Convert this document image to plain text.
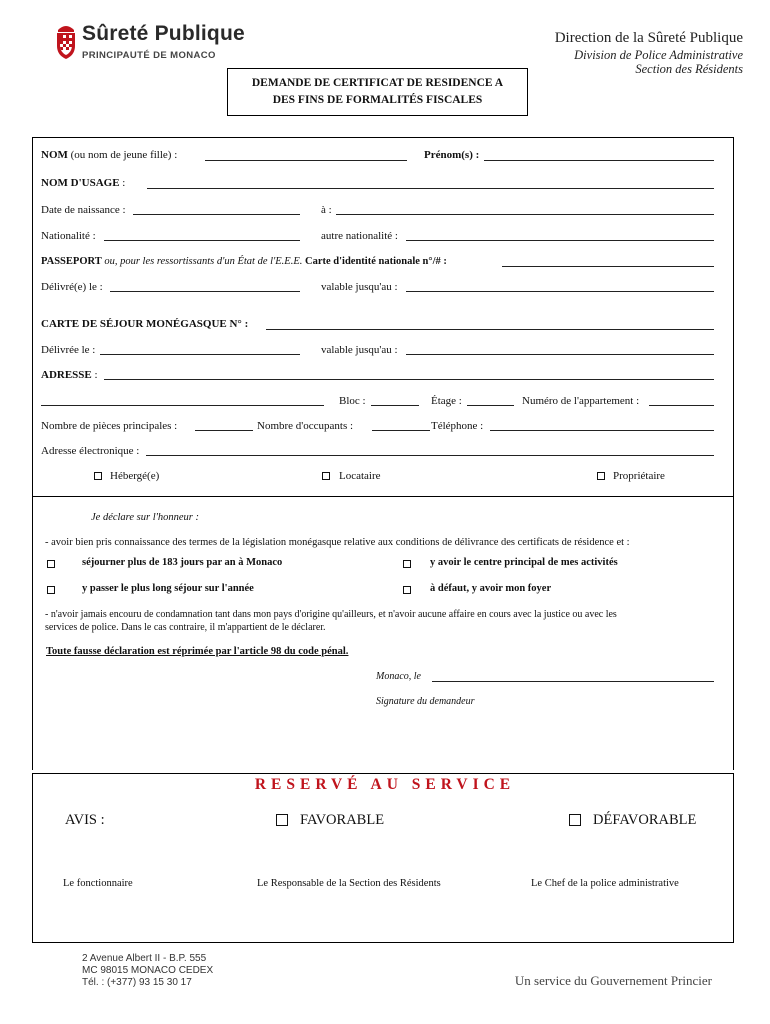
Sûreté Publique
PRINCIPAUTÉ DE MONACO
Direction de la Sûreté Publique
Division de Police Administrative
Section des Résidents
DEMANDE DE CERTIFICAT DE RESIDENCE A
DES FINS DE FORMALITÉS FISCALES
NOM (ou nom de jeune fille) :	Prénom(s) :
NOM D'USAGE :
Date de naissance :	à :
Nationalité :	autre nationalité :
PASSEPORT ou, pour les ressortissants d'un État de l'E.E.E. Carte d'identité nationale n°/# :
Délivré(e) le :	valable jusqu'au :
CARTE DE SÉJOUR MONÉGASQUE N° :
Délivrée le :	valable jusqu'au :
ADRESSE :
Bloc :	Étage :	Numéro de l'appartement :
Nombre de pièces principales :	Nombre d'occupants :	Téléphone :
Adresse électronique :
Hébergé(e)	Locataire	Propriétaire
Je déclare sur l'honneur :
- avoir bien pris connaissance des termes de la législation monégasque relative aux conditions de délivrance des certificats de résidence et :
séjourner plus de 183 jours par an à Monaco	y avoir le centre principal de mes activités
y passer le plus long séjour sur l'année	à défaut, y avoir mon foyer
- n'avoir jamais encouru de condamnation tant dans mon pays d'origine qu'ailleurs, et n'avoir aucune affaire en cours avec la justice ou avec les
services de police. Dans le cas contraire, il m'appartient de le déclarer.
Toute fausse déclaration est réprimée par l'article 98 du code pénal.
Monaco, le
Signature du demandeur
RESERVÉ AU SERVICE
AVIS :	FAVORABLE	DÉFAVORABLE
Le fonctionnaire	Le Responsable de la Section des Résidents	Le Chef de la police administrative
2 Avenue Albert II - B.P. 555
MC 98015 MONACO CEDEX
Tél. : (+377) 93 15 30 17	Un service du Gouvernement Princier
